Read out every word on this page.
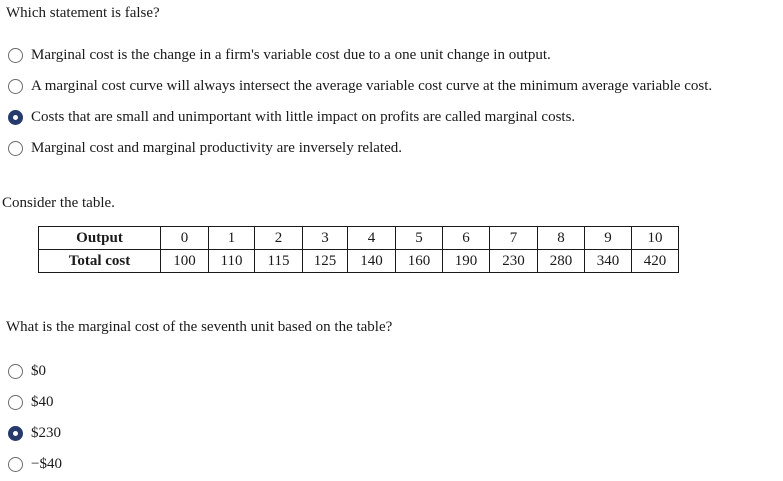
Which statement is false?
Marginal cost is the change in a firm's variable cost due to a one unit change in output.
A marginal cost curve will always intersect the average variable cost curve at the minimum average variable cost.
Costs that are small and unimportant with little impact on profits are called marginal costs.
Marginal cost and marginal productivity are inversely related.
Consider the table.
Output	0	1	2	3	4	5	6	7	8	9	10
Total cost	100	110	115	125	140	160	190	230	280	340	420
What is the marginal cost of the seventh unit based on the table?
$0
$40
$230
−$40
